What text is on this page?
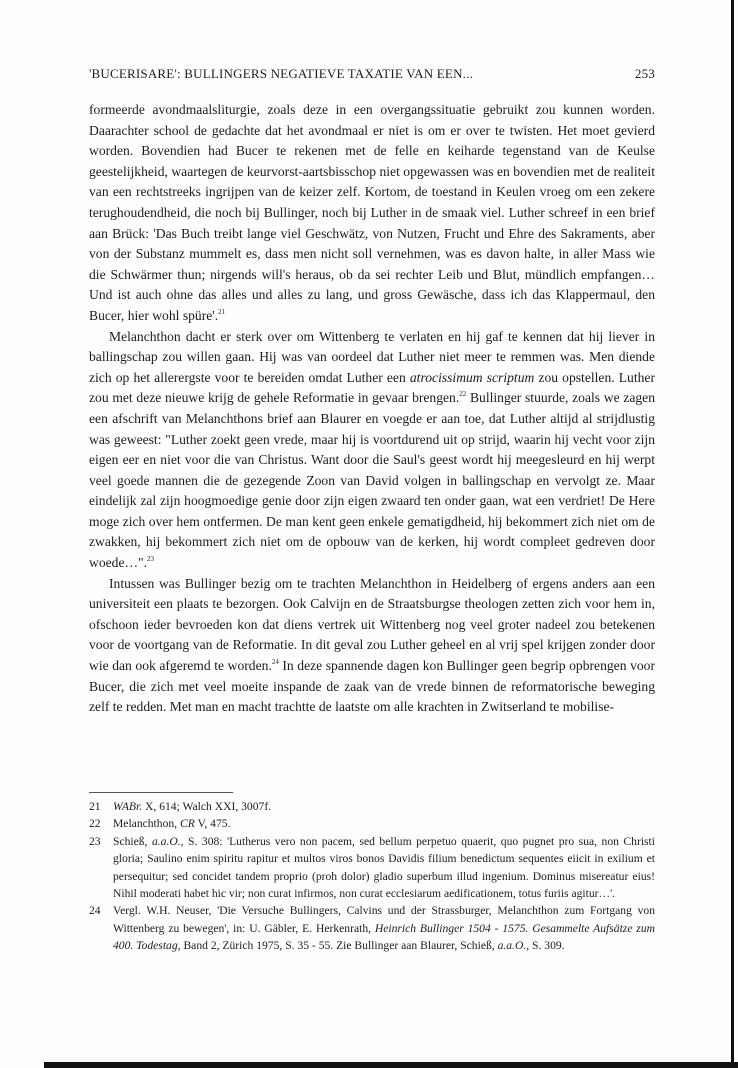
'BUCERISARE': BULLINGERS NEGATIEVE TAXATIE VAN EEN...	253

formeerde avondmaalsliturgie, zoals deze in een overgangssituatie gebruikt zou kunnen worden. Daarachter school de gedachte dat het avondmaal er niet is om er over te twisten. Het moet gevierd worden. Bovendien had Bucer te rekenen met de felle en keiharde tegenstand van de Keulse geestelijkheid, waartegen de keurvorst-aartsbisschop niet opgewassen was en bovendien met de realiteit van een rechtstreeks ingrijpen van de keizer zelf. Kortom, de toestand in Keulen vroeg om een zekere terughoudendheid, die noch bij Bullinger, noch bij Luther in de smaak viel. Luther schreef in een brief aan Brück: 'Das Buch treibt lange viel Geschwätz, von Nutzen, Frucht und Ehre des Sakraments, aber von der Substanz mummelt es, dass men nicht soll vernehmen, was es davon halte, in aller Mass wie die Schwärmer thun; nirgends will's heraus, ob da sei rechter Leib und Blut, mündlich empfangen…Und ist auch ohne das alles und alles zu lang, und gross Gewäsche, dass ich das Klappermaul, den Bucer, hier wohl spüre'.$^{21}$

Melanchthon dacht er sterk over om Wittenberg te verlaten en hij gaf te kennen dat hij liever in ballingschap zou willen gaan. Hij was van oordeel dat Luther niet meer te remmen was. Men diende zich op het allerergste voor te bereiden omdat Luther een atrocissimum scriptum zou opstellen. Luther zou met deze nieuwe krijg de gehele Reformatie in gevaar brengen.$^{22}$ Bullinger stuurde, zoals we zagen een afschrift van Melanchthons brief aan Blaurer en voegde er aan toe, dat Luther altijd al strijdlustig was geweest: "Luther zoekt geen vrede, maar hij is voortdurend uit op strijd, waarin hij vecht voor zijn eigen eer en niet voor die van Christus. Want door die Saul's geest wordt hij meegesleurd en hij werpt veel goede mannen die de gezegende Zoon van David volgen in ballingschap en vervolgt ze. Maar eindelijk zal zijn hoogmoedige genie door zijn eigen zwaard ten onder gaan, wat een verdriet! De Here moge zich over hem ontfermen. De man kent geen enkele gematigdheid, hij bekommert zich niet om de zwakken, hij bekommert zich niet om de opbouw van de kerken, hij wordt compleet gedreven door woede…".$^{23}$

Intussen was Bullinger bezig om te trachten Melanchthon in Heidelberg of ergens anders aan een universiteit een plaats te bezorgen. Ook Calvijn en de Straatsburgse theologen zetten zich voor hem in, ofschoon ieder bevroeden kon dat diens vertrek uit Wittenberg nog veel groter nadeel zou betekenen voor de voortgang van de Reformatie. In dit geval zou Luther geheel en al vrij spel krijgen zonder door wie dan ook afgeremd te worden.$^{24}$ In deze spannende dagen kon Bullinger geen begrip opbrengen voor Bucer, die zich met veel moeite inspande de zaak van de vrede binnen de reformatorische beweging zelf te redden. Met man en macht trachtte de laatste om alle krachten in Zwitserland te mobilise-

21	WABr. X, 614; Walch XXI, 3007f.
22	Melanchthon, CR V, 475.
23	Schieß, a.a.O., S. 308: 'Lutherus vero non pacem, sed bellum perpetuo quaerit, quo pugnet pro sua, non Christi gloria; Saulino enim spiritu rapitur et multos viros bonos Davidis filium benedictum sequentes eiicit in exilium et persequitur; sed concidet tandem proprio (proh dolor) gladio superbum illud ingenium. Dominus misereatur eius! Nihil moderati habet hic vir; non curat infirmos, non curat ecclesiarum aedificationem, totus furiis agitur…'.
24	Vergl. W.H. Neuser, 'Die Versuche Bullingers, Calvins und der Strassburger, Melanchthon zum Fortgang von Wittenberg zu bewegen', in: U. Gäbler, E. Herkenrath, Heinrich Bullinger 1504 - 1575. Gesammelte Aufsätze zum 400. Todestag, Band 2, Zürich 1975, S. 35 - 55. Zie Bullinger aan Blaurer, Schieß, a.a.O., S. 309.
